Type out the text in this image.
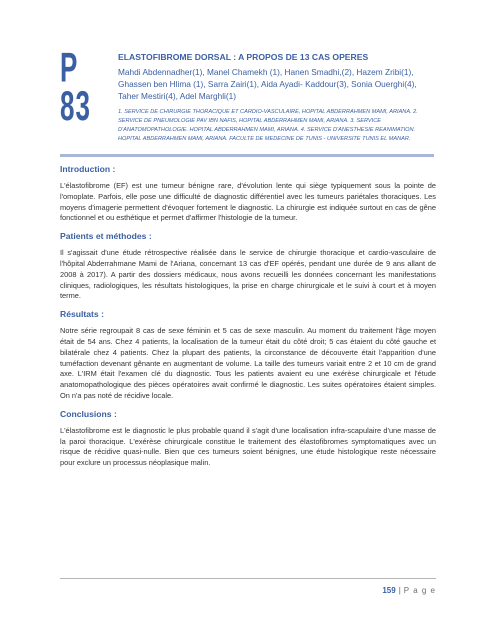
P 83

ELASTOFIBROME DORSAL : A PROPOS DE 13 CAS OPERES

Mahdi Abdennadher(1), Manel Chamekh (1), Hanen Smadhi,(2), Hazem Zribi(1), Ghassen ben Hlima (1), Sarra Zairi(1), Aida Ayadi- Kaddour(3), Sonia Ouerghi(4), Taher Mestiri(4), Adel Marghli(1)

1. SERVICE DE CHIRURGIE THORACIQUE ET CARDIO-VASCULAIRE, HOPITAL ABDERRAHMEN MAMI, ARIANA. 2. SERVICE DE PNEUMOLOGIE PAV IBN NAFIS, HOPITAL ABDERRAHMEN MAMI, ARIANA. 3. SERVICE D'ANATOMOPATHOLOGIE. HOPITAL ABDERRAHMEN MAMI, ARIANA. 4. SERVICE D'ANESTHESIE REANIMATION. HOPITAL ABDERRAHMEN MAMI, ARIANA. FACULTE DE MEDECINE DE TUNIS - UNIVERSITE TUNIS EL MANAR.

Introduction :

L'élastofibrome (EF) est une tumeur bénigne rare, d'évolution lente qui siège typiquement sous la pointe de l'omoplate. Parfois, elle pose une difficulté de diagnostic différentiel avec les tumeurs pariétales thoraciques. Les moyens d'imagerie permettent d'évoquer fortement le diagnostic. La chirurgie est indiquée surtout en cas de gêne fonctionnel et ou esthétique et permet d'affirmer l'histologie de la tumeur.

Patients et méthodes :

Il s'agissait d'une étude rétrospective réalisée dans le service de chirurgie thoracique et cardio-vasculaire de l'hôpital Abderrahmane Mami de l'Ariana, concernant 13 cas d'EF opérés, pendant une durée de 9 ans allant de 2008 à 2017). A partir des dossiers médicaux, nous avons recueilli les données concernant les manifestations cliniques, radiologiques, les résultats histologiques, la prise en charge chirurgicale et le suivi à court et à moyen terme.

Résultats :

Notre série regroupait 8 cas de sexe féminin et 5 cas de sexe masculin. Au moment du traitement l'âge moyen était de 54 ans. Chez 4 patients, la localisation de la tumeur était du côté droit; 5 cas étaient du côté gauche et bilatérale chez 4 patients. Chez la plupart des patients, la circonstance de découverte était l'apparition d'une tuméfaction devenant gênante en augmentant de volume. La taille des tumeurs variait entre 2 et 10 cm de grand axe. L'IRM était l'examen clé du diagnostic. Tous les patients avaient eu une exérèse chirurgicale et l'étude anatomopathologique des pièces opératoires avait confirmé le diagnostic. Les suites opératoires étaient simples. On n'a pas noté de récidive locale.

Conclusions :

L'élastofibrome est le diagnostic le plus probable quand il s'agit d'une localisation infra-scapulaire d'une masse de la paroi thoracique. L'exérèse chirurgicale constitue le traitement des élastofibromes symptomatiques avec un risque de récidive quasi-nulle. Bien que ces tumeurs soient bénignes, une étude histologique reste nécessaire pour exclure un processus néoplasique malin.

159 | P a g e
